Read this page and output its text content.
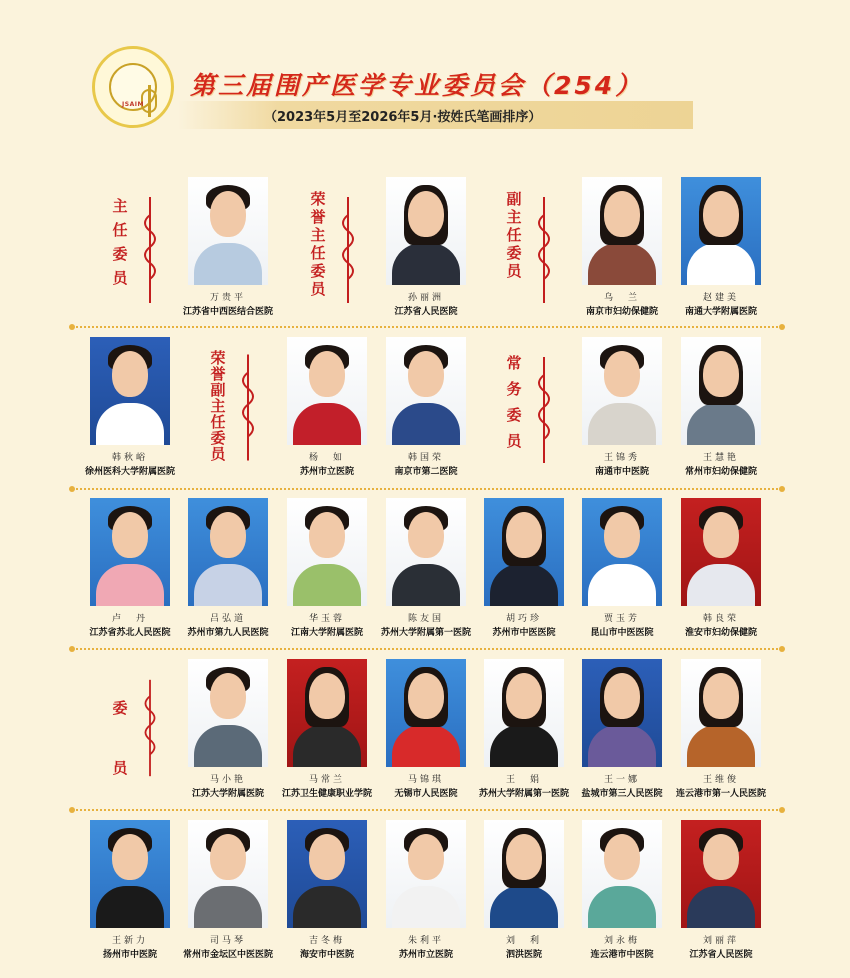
JSAIM
第三届围产医学专业委员会（254）
（2023年5月至2026年5月·按姓氏笔画排序）
主任委员
万贵平
江苏省中西医结合医院
荣誉主任委员	孙丽洲
江苏省人民医院
副主任委员
乌　兰
南京市妇幼保健院
赵建美
南通大学附属医院
韩秋峪
徐州医科大学附属医院
荣誉副主任委员	杨　如
苏州市立医院
韩国荣
南京市第二医院
常务委员
王锦秀
南通市中医院
王慧艳
常州市妇幼保健院
卢　丹
江苏省苏北人民医院
吕弘道
苏州市第九人民医院
华玉蓉
江南大学附属医院
陈友国
苏州大学附属第一医院
胡巧珍
苏州市中医医院
贾玉芳
昆山市中医医院
韩良荣
淮安市妇幼保健院
委员
马小艳
江苏大学附属医院
马常兰
江苏卫生健康职业学院
马锦琪
无锡市人民医院
王　娟
苏州大学附属第一医院
王一娜
盐城市第三人民医院
王维俊
连云港市第一人民医院
王新力
扬州市中医院
司马琴
常州市金坛区中医医院
吉冬梅
海安市中医院
朱利平
苏州市立医院
刘　利
泗洪医院
刘永梅
连云港市中医院
刘丽萍
江苏省人民医院
